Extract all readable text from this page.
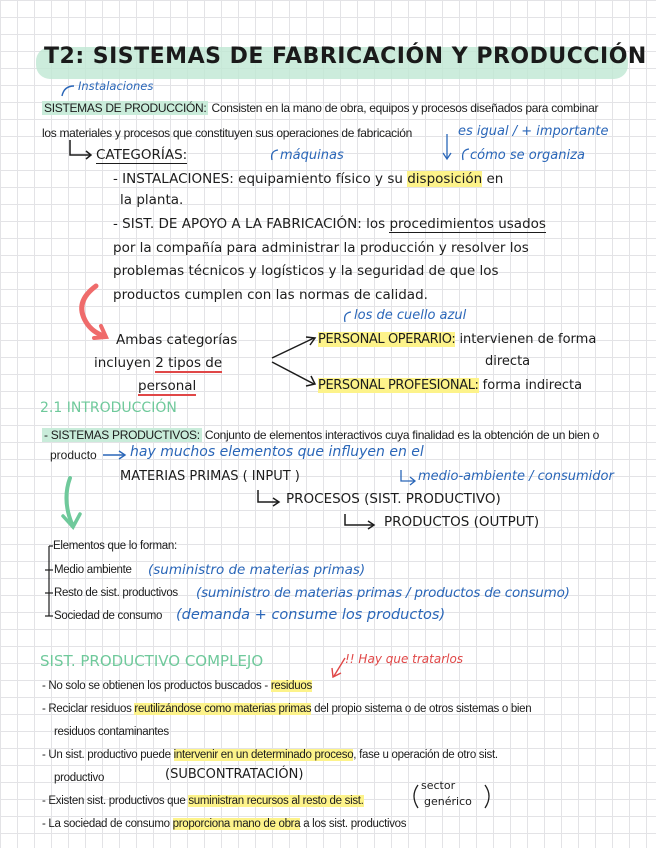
T2: SISTEMAS DE FABRICACIÓN Y PRODUCCIÓN
Instalaciones
SISTEMAS DE PRODUCCIÓN: Consisten en la mano de obra, equipos y procesos diseñados para combinar
los materiales y procesos que constituyen sus operaciones de fabricación	es igual / + importante
cómo se organiza
máquinas
CATEGORÍAS:
- INSTALACIONES: equipamiento físico y su disposición en
la planta.
- SIST. DE APOYO A LA FABRICACIÓN: los procedimientos usados
por la compañía para administrar la producción y resolver los
problemas técnicos y logísticos y la seguridad de que los
productos cumplen con las normas de calidad.
Ambas categorías
incluyen 2 tipos de
personal
los de cuello azul
PERSONAL OPERARIO: intervienen de forma
directa
PERSONAL PROFESIONAL: forma indirecta
2.1 INTRODUCCIÓN
- SISTEMAS PRODUCTIVOS: Conjunto de elementos interactivos cuya finalidad es la obtención de un bien o
producto hay muchos elementos que influyen en el
MATERIAS PRIMAS ( INPUT )	medio-ambiente / consumidor
PROCESOS (SIST. PRODUCTIVO)
PRODUCTOS (OUTPUT)
Elementos que lo forman:
Medio ambiente (suministro de materias primas)
Resto de sist. productivos (suministro de materias primas / productos de consumo)
Sociedad de consumo (demanda + consume los productos)
SIST. PRODUCTIVO COMPLEJO	!! Hay que tratarlos
- No solo se obtienen los productos buscados - residuos
- Reciclar residuos reutilizándose como materias primas del propio sistema o de otros sistemas o bien
residuos contaminantes
- Un sist. productivo puede intervenir en un determinado proceso, fase u operación de otro sist.
productivo	(SUBCONTRATACIÓN)
- Existen sist. productivos que suministran recursos al resto de sist.
sector
genérico
- La sociedad de consumo proporciona mano de obra a los sist. productivos
